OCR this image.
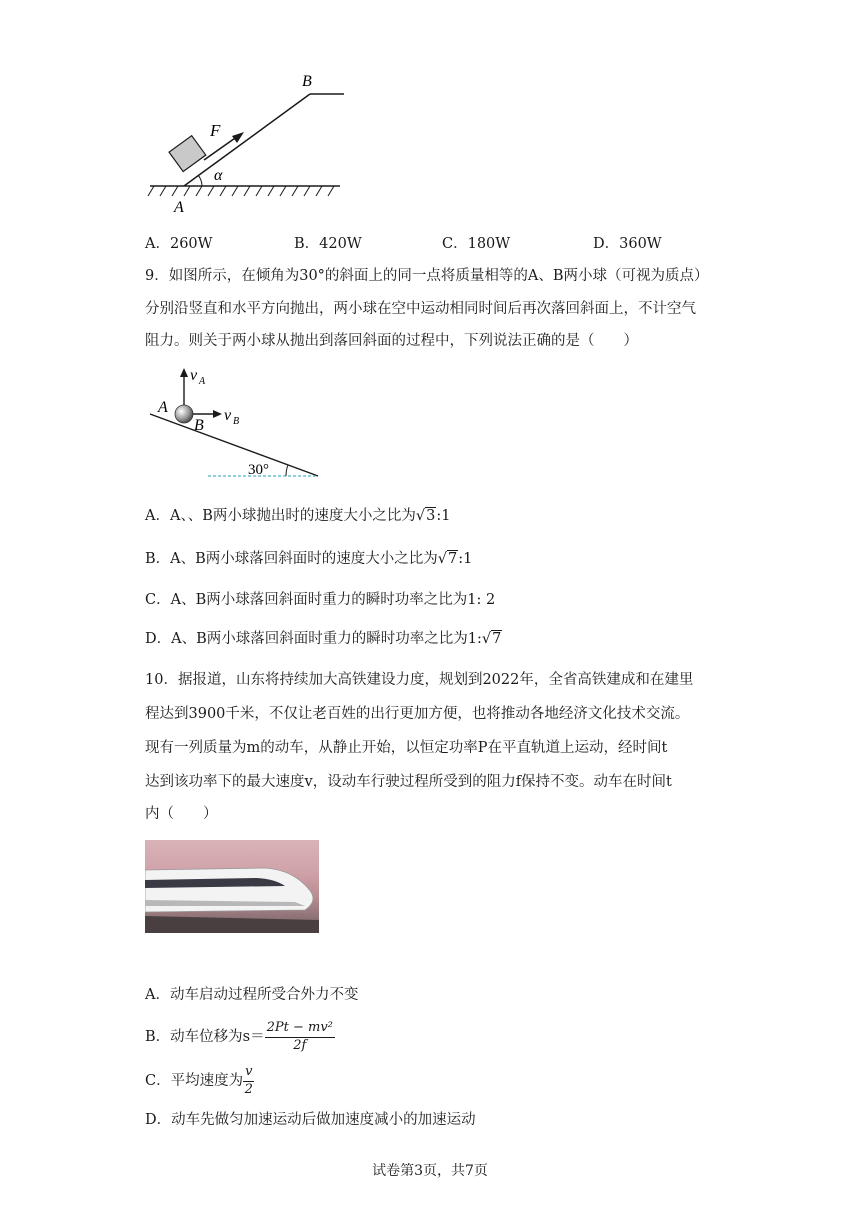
B
F
α
A
A．260W	B．420W	C．180W	D．360W
9．如图所示，在倾角为30°的斜面上的同一点将质量相等的A、B两小球（可视为质点）
分别沿竖直和水平方向抛出，两小球在空中运动相同时间后再次落回斜面上，不计空气
阻力。则关于两小球从抛出到落回斜面的过程中，下列说法正确的是（　　）
v A
v B
A
B
30°
A．A、、B两小球抛出时的速度大小之比为√3:1
B．A、B两小球落回斜面时的速度大小之比为√7:1
C．A、B两小球落回斜面时重力的瞬时功率之比为1: 2
D．A、B两小球落回斜面时重力的瞬时功率之比为1:√7
10．据报道，山东将持续加大高铁建设力度，规划到2022年，全省高铁建成和在建里
程达到3900千米，不仅让老百姓的出行更加方便，也将推动各地经济文化技术交流。
现有一列质量为m的动车，从静止开始，以恒定功率P在平直轨道上运动，经时间t
达到该功率下的最大速度v，设动车行驶过程所受到的阻力f保持不变。动车在时间t
内（　　）
A．动车启动过程所受合外力不变
B．动车位移为$s= \frac{\text{2Pt − mv²}}{2f}$
C．平均速度为 $\frac{v}{2}$
D．动车先做匀加速运动后做加速度减小的加速运动
试卷第3页，共7页
